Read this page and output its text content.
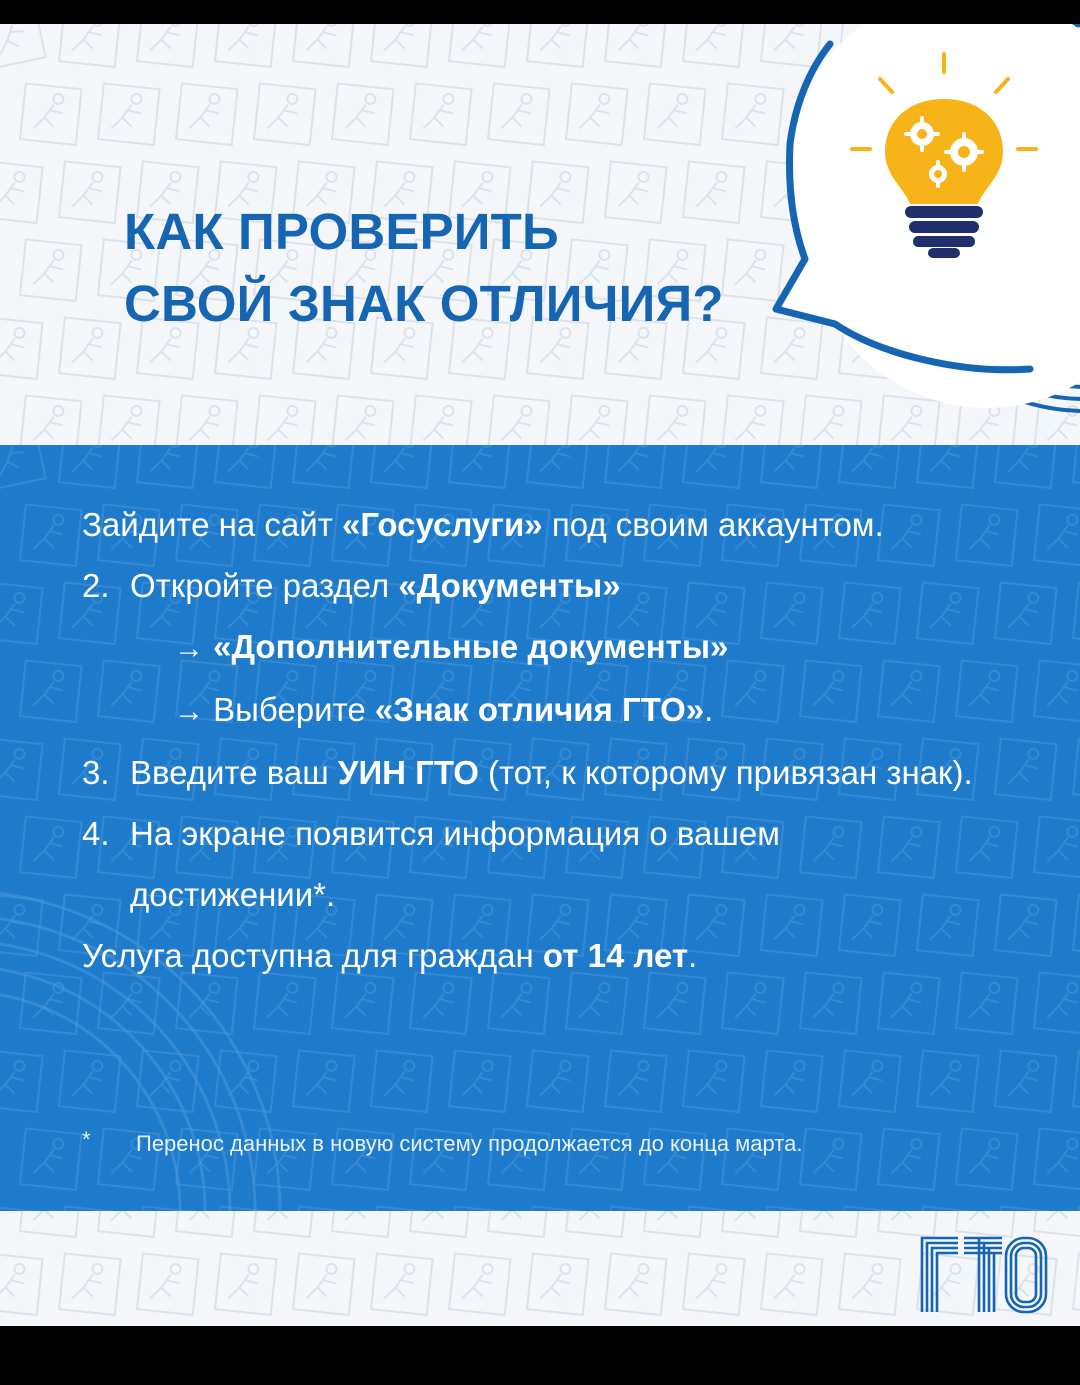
КАК ПРОВЕРИТЬ
СВОЙ ЗНАК ОТЛИЧИЯ?
Зайдите на сайт «Госуслуги» под своим аккаунтом.
2. Откройте раздел «Документы»
→ «Дополнительные документы»
→ Выберите «Знак отличия ГТО».
3. Введите ваш УИН ГТО (тот, к которому привязан знак).
4. На экране появится информация о вашем
достижении*.
Услуга доступна для граждан от 14 лет.
* Перенос данных в новую систему продолжается до конца марта.
